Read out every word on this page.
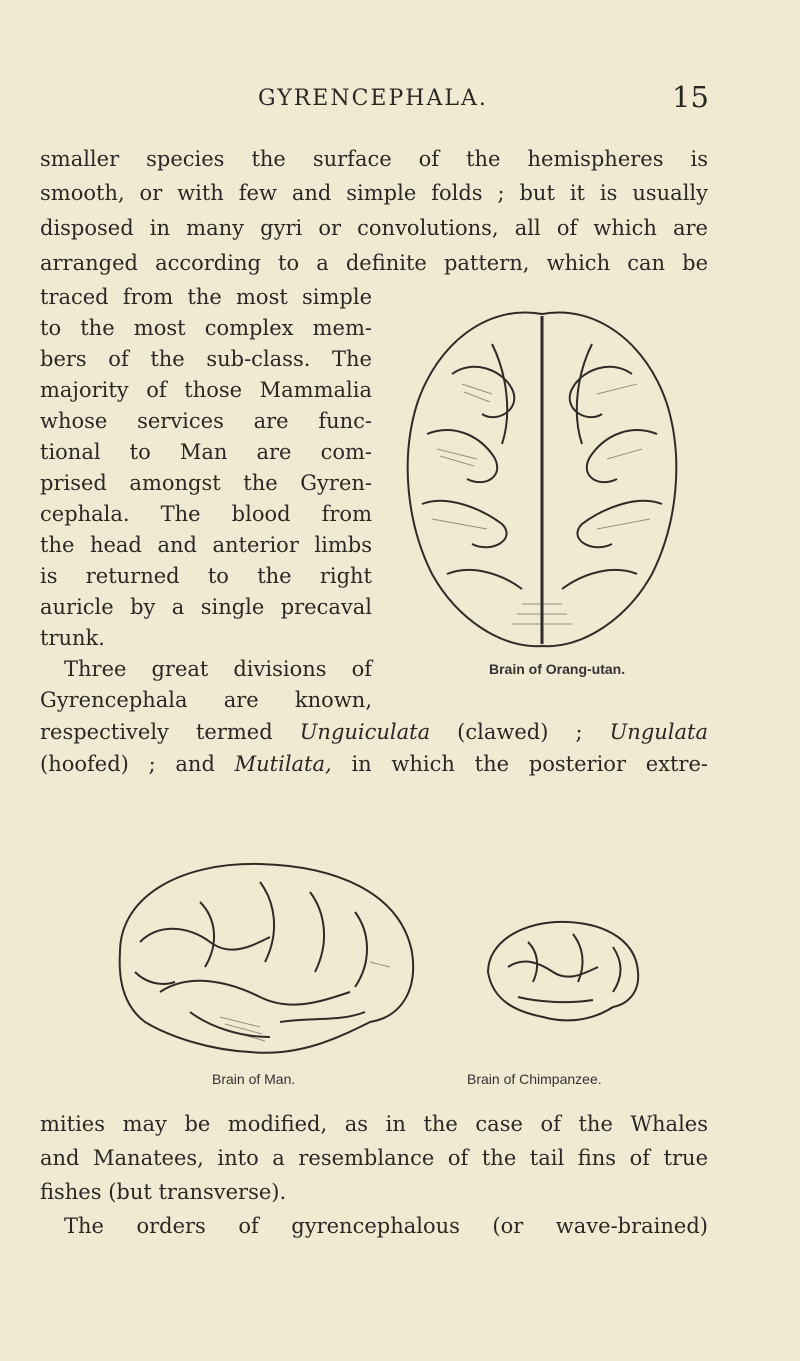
GYRENCEPHALA.	15
smaller species the surface of the hemispheres is
smooth, or with few and simple folds ; but it is usually
disposed in many gyri or convolutions, all of which are
arranged according to a definite pattern, which can be
traced from the most simple
to the most complex mem-
bers of the sub-class. The
majority of those Mammalia
whose services are func-
tional to Man are com-
prised amongst the Gyren-
cephala. The blood from
the head and anterior limbs
is returned to the right
auricle by a single precaval
trunk.
Three great divisions of
Gyrencephala are known,
Brain of Orang-utan.
respectively termed Unguiculata (clawed) ; Ungulata
(hoofed) ; and Mutilata, in which the posterior extre-
Brain of Man.	Brain of Chimpanzee.
mities may be modified, as in the case of the Whales
and Manatees, into a resemblance of the tail fins of true
fishes (but transverse).
The orders of gyrencephalous (or wave-brained)
